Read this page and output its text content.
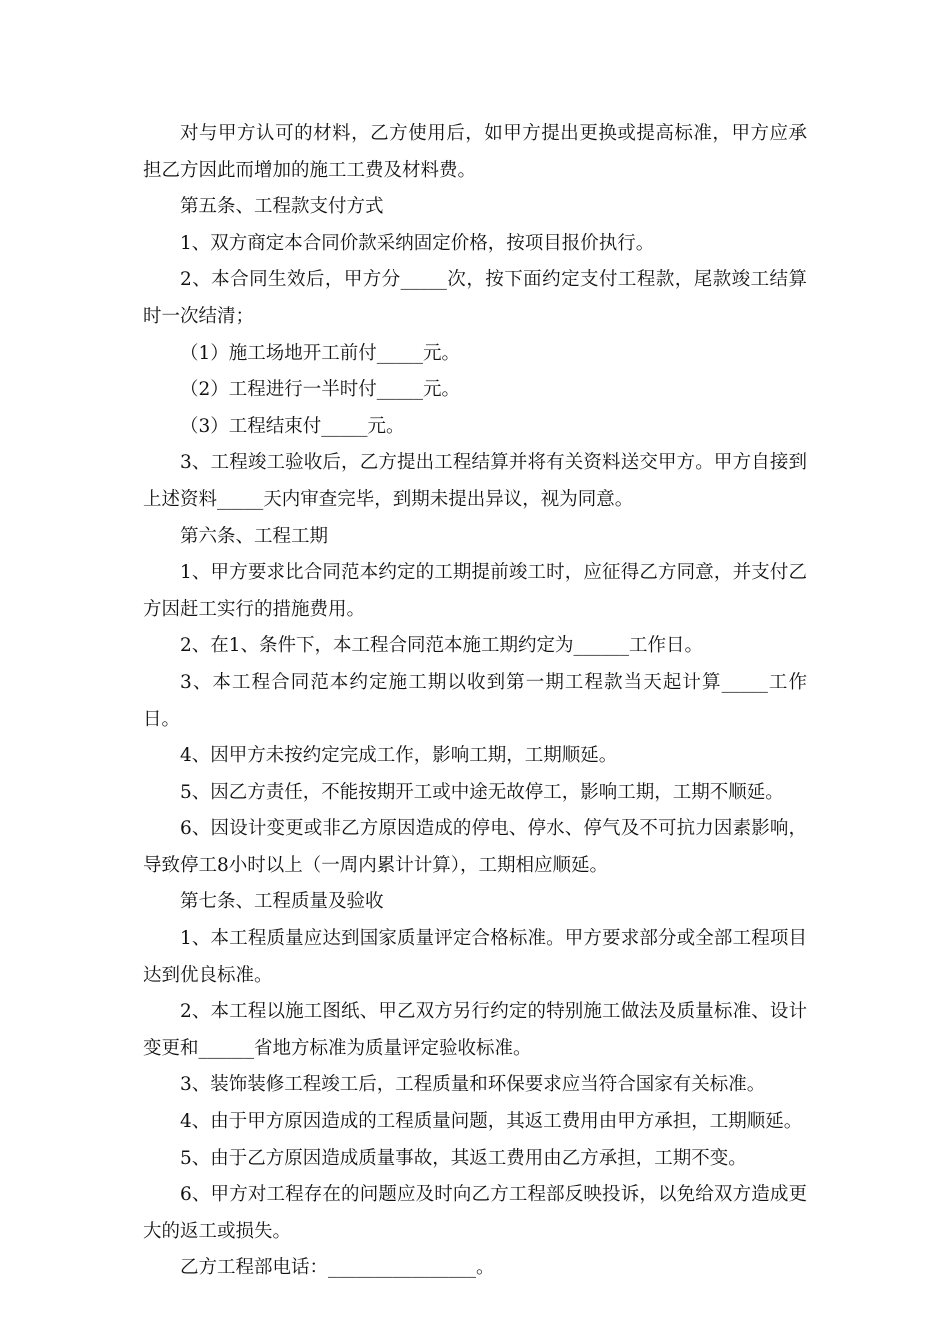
对与甲方认可的材料，乙方使用后，如甲方提出更换或提高标准，甲方应承担乙方因此而增加的施工工费及材料费。

第五条、工程款支付方式

1、双方商定本合同价款采纳固定价格，按项目报价执行。

2、本合同生效后，甲方分_____次，按下面约定支付工程款，尾款竣工结算时一次结清；

（1）施工场地开工前付_____元。

（2）工程进行一半时付_____元。

（3）工程结束付_____元。

3、工程竣工验收后，乙方提出工程结算并将有关资料送交甲方。甲方自接到上述资料_____天内审查完毕，到期未提出异议，视为同意。

第六条、工程工期

1、甲方要求比合同范本约定的工期提前竣工时，应征得乙方同意，并支付乙方因赶工实行的措施费用。

2、在1、条件下，本工程合同范本施工期约定为______工作日。

3、本工程合同范本约定施工期以收到第一期工程款当天起计算_____工作日。

4、因甲方未按约定完成工作，影响工期，工期顺延。

5、因乙方责任，不能按期开工或中途无故停工，影响工期，工期不顺延。

6、因设计变更或非乙方原因造成的停电、停水、停气及不可抗力因素影响，导致停工8小时以上（一周内累计计算），工期相应顺延。

第七条、工程质量及验收

1、本工程质量应达到国家质量评定合格标准。甲方要求部分或全部工程项目达到优良标准。

2、本工程以施工图纸、甲乙双方另行约定的特别施工做法及质量标准、设计变更和______省地方标准为质量评定验收标准。

3、装饰装修工程竣工后，工程质量和环保要求应当符合国家有关标准。

4、由于甲方原因造成的工程质量问题，其返工费用由甲方承担，工期顺延。

5、由于乙方原因造成质量事故，其返工费用由乙方承担，工期不变。

6、甲方对工程存在的问题应及时向乙方工程部反映投诉，以免给双方造成更大的返工或损失。

乙方工程部电话：________________。
